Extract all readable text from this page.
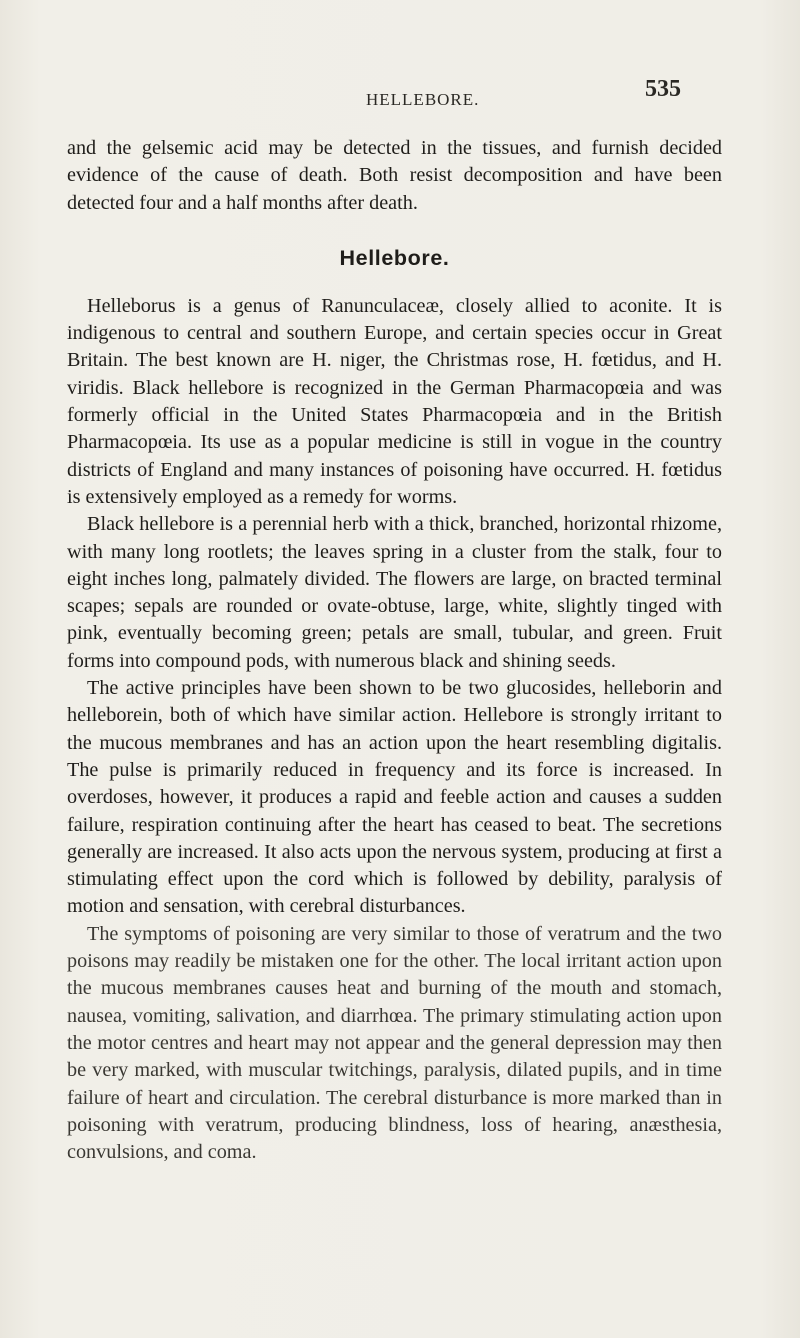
HELLEBORE.	535

and the gelsemic acid may be detected in the tissues, and furnish decided evidence of the cause of death. Both resist decomposition and have been detected four and a half months after death.

Hellebore.

Helleborus is a genus of Ranunculaceæ, closely allied to aconite. It is indigenous to central and southern Europe, and certain species occur in Great Britain. The best known are H. niger, the Christmas rose, H. fœtidus, and H. viridis. Black hellebore is recognized in the German Pharmacopœia and was formerly official in the United States Pharmacopœia and in the British Pharmacopœia. Its use as a popular medicine is still in vogue in the country districts of England and many instances of poisoning have occurred. H. fœtidus is extensively employed as a remedy for worms.

Black hellebore is a perennial herb with a thick, branched, horizontal rhizome, with many long rootlets; the leaves spring in a cluster from the stalk, four to eight inches long, palmately divided. The flowers are large, on bracted terminal scapes; sepals are rounded or ovate-obtuse, large, white, slightly tinged with pink, eventually becoming green; petals are small, tubular, and green. Fruit forms into compound pods, with numerous black and shining seeds.

The active principles have been shown to be two glucosides, helleborin and helleborein, both of which have similar action. Hellebore is strongly irritant to the mucous membranes and has an action upon the heart resembling digitalis. The pulse is primarily reduced in frequency and its force is increased. In overdoses, however, it produces a rapid and feeble action and causes a sudden failure, respiration continuing after the heart has ceased to beat. The secretions generally are increased. It also acts upon the nervous system, producing at first a stimulating effect upon the cord which is followed by debility, paralysis of motion and sensation, with cerebral disturbances.

The symptoms of poisoning are very similar to those of veratrum and the two poisons may readily be mistaken one for the other. The local irritant action upon the mucous membranes causes heat and burning of the mouth and stomach, nausea, vomiting, salivation, and diarrhœa. The primary stimulating action upon the motor centres and heart may not appear and the general depression may then be very marked, with muscular twitchings, paralysis, dilated pupils, and in time failure of heart and circulation. The cerebral disturbance is more marked than in poisoning with veratrum, producing blindness, loss of hearing, anæsthesia, convulsions, and coma.
